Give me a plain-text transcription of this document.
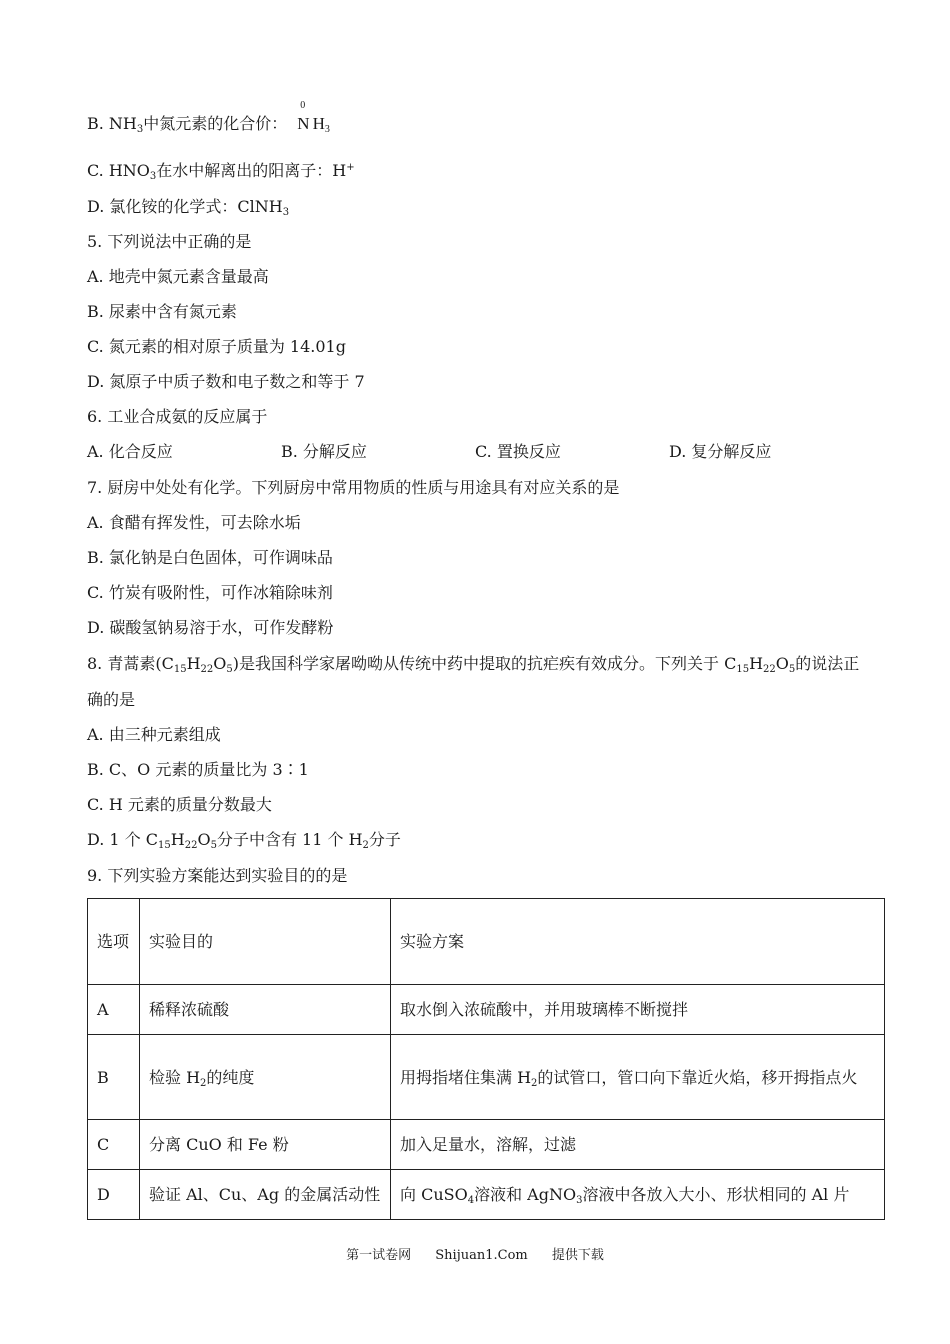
B. $NH_3$中氮元素的化合价：
0
N $H_3$
C. $HNO_3$在水中解离出的阳离子：H+
D. 氯化铵的化学式：ClNH$_3$
5. 下列说法中正确的是
A. 地壳中氮元素含量最高
B. 尿素中含有氮元素
C. 氮元素的相对原子质量为 14.01g
D. 氮原子中质子数和电子数之和等于 7
6. 工业合成氨的反应属于
A. 化合反应	B. 分解反应	C. 置换反应	D. 复分解反应
7. 厨房中处处有化学。下列厨房中常用物质的性质与用途具有对应关系的是
A. 食醋有挥发性，可去除水垢
B. 氯化钠是白色固体，可作调味品
C. 竹炭有吸附性，可作冰箱除味剂
D. 碳酸氢钠易溶于水，可作发酵粉
8. 青蒿素$(C_{15}H_{22}O_5)$是我国科学家屠呦呦从传统中药中提取的抗疟疾有效成分。下列关于 $C_{15}H_{22}O_5$的说法正
确的是
A. 由三种元素组成
B. C、O 元素的质量比为 3∶1
C. H 元素的质量分数最大
D. 1 个 $C_{15}H_{22}O_5$分子中含有 11 个 $H_2$分子
9. 下列实验方案能达到实验目的的是
选项	实验目的	实验方案
A	稀释浓硫酸	取水倒入浓硫酸中，并用玻璃棒不断搅拌
B	检验 $H_2$的纯度	用拇指堵住集满 $H_2$的试管口，管口向下靠近火焰，移开拇指点火
C	分离 CuO 和 Fe 粉	加入足量水，溶解，过滤
D	验证 Al、Cu、Ag 的金属活动性	向 CuSO$_4$溶液和 AgNO$_3$溶液中各放入大小、形状相同的 Al 片
第一试卷网 Shijuan1.Com 提供下载
